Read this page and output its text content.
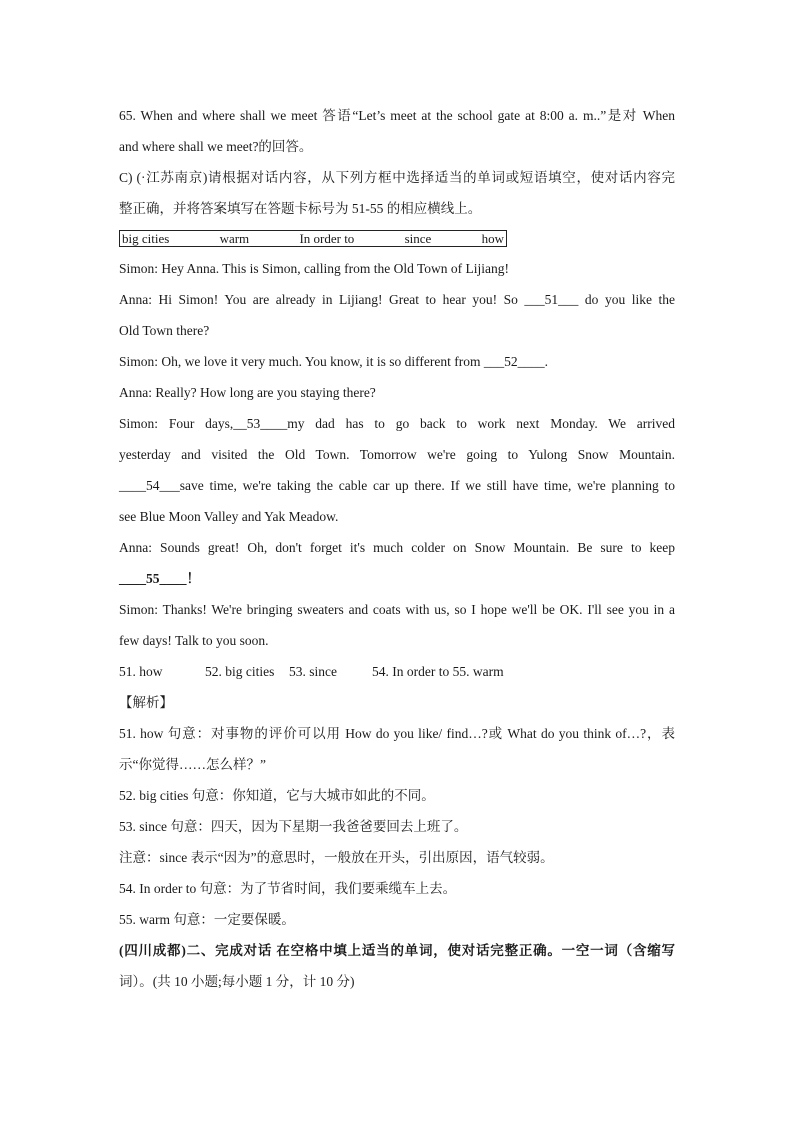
65. When and where shall we meet 答语“Let’s meet at the school gate at 8:00 a. m..”是对 When
and where shall we meet?的回答。
C) (·江苏南京)请根据对话内容，从下列方框中选择适当的单词或短语填空，使对话内容完
整正确，并将答案填写在答题卡标号为 51-55 的相应横线上。
big cities	warm	In order to	since	how
Simon: Hey Anna. This is Simon, calling from the Old Town of Lijiang!
Anna: Hi Simon! You are already in Lijiang! Great to hear you! So ___51___ do you like the
Old Town there?
Simon: Oh, we love it very much. You know, it is so different from ___52____.
Anna: Really? How long are you staying there?
Simon: Four days,__53____my dad has to go back to work next Monday. We arrived
yesterday and visited the Old Town. Tomorrow we're going to Yulong Snow Mountain.
____54___save time, we're taking the cable car up there. If we still have time, we're planning to
see Blue Moon Valley and Yak Meadow.
Anna: Sounds great! Oh, don't forget it's much colder on Snow Mountain. Be sure to keep
____55____！
Simon: Thanks! We're bringing sweaters and coats with us, so I hope we'll be OK. I'll see you in a
few days! Talk to you soon.
51. how	52. big cities	53. since	54. In order to 55. warm
【解析】
51. how 句意：对事物的评价可以用 How do you like/ find…?或 What do you think of…?，表
示“你觉得……怎么样？”
52. big cities 句意：你知道，它与大城市如此的不同。
53. since 句意：四天，因为下星期一我爸爸要回去上班了。
注意：since 表示“因为”的意思时，一般放在开头，引出原因，语气较弱。
54. In order to 句意：为了节省时间，我们要乘缆车上去。
55. warm 句意：一定要保暖。
(四川成都)二、完成对话 在空格中填上适当的单词，使对话完整正确。一空一词（含缩写
词）。(共 10 小题;每小题 1 分，计 10 分)
